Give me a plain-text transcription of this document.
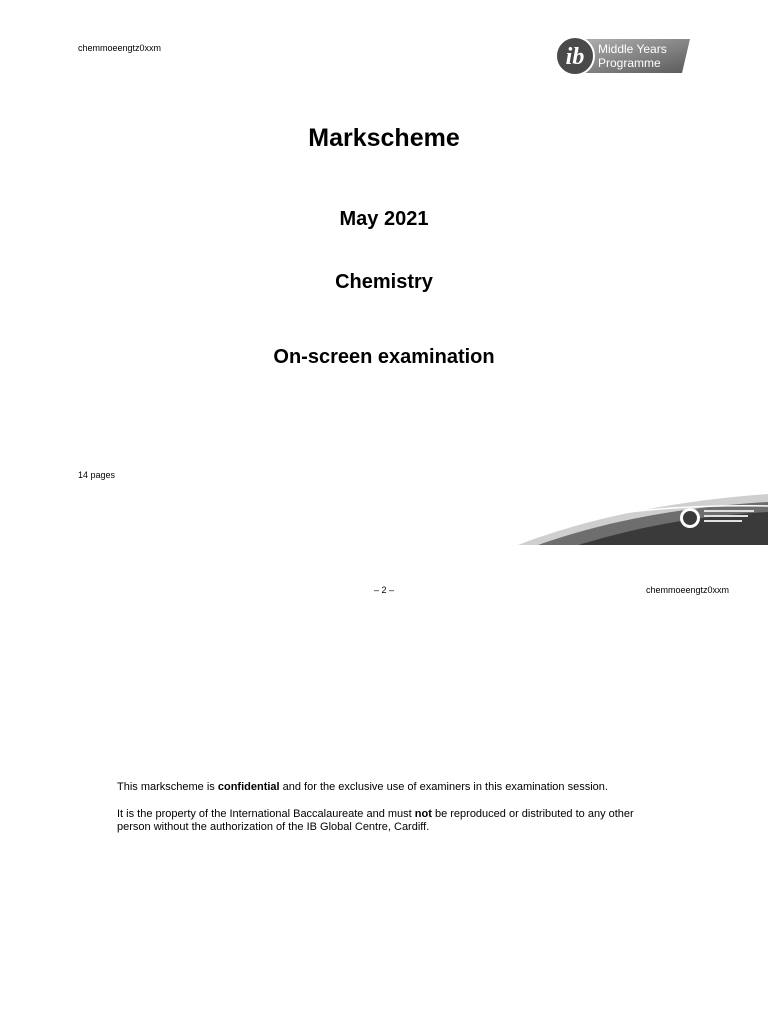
chemmoeengtz0xxm	ib Middle Years
Programme
Markscheme
May 2021
Chemistry
On-screen examination
14 pages
– 2 –	chemmoeengtz0xxm

This markscheme is confidential and for the exclusive use of examiners in this examination session.

It is the property of the International Baccalaureate and must not be reproduced or distributed to any other person without the authorization of the IB Global Centre, Cardiff.
